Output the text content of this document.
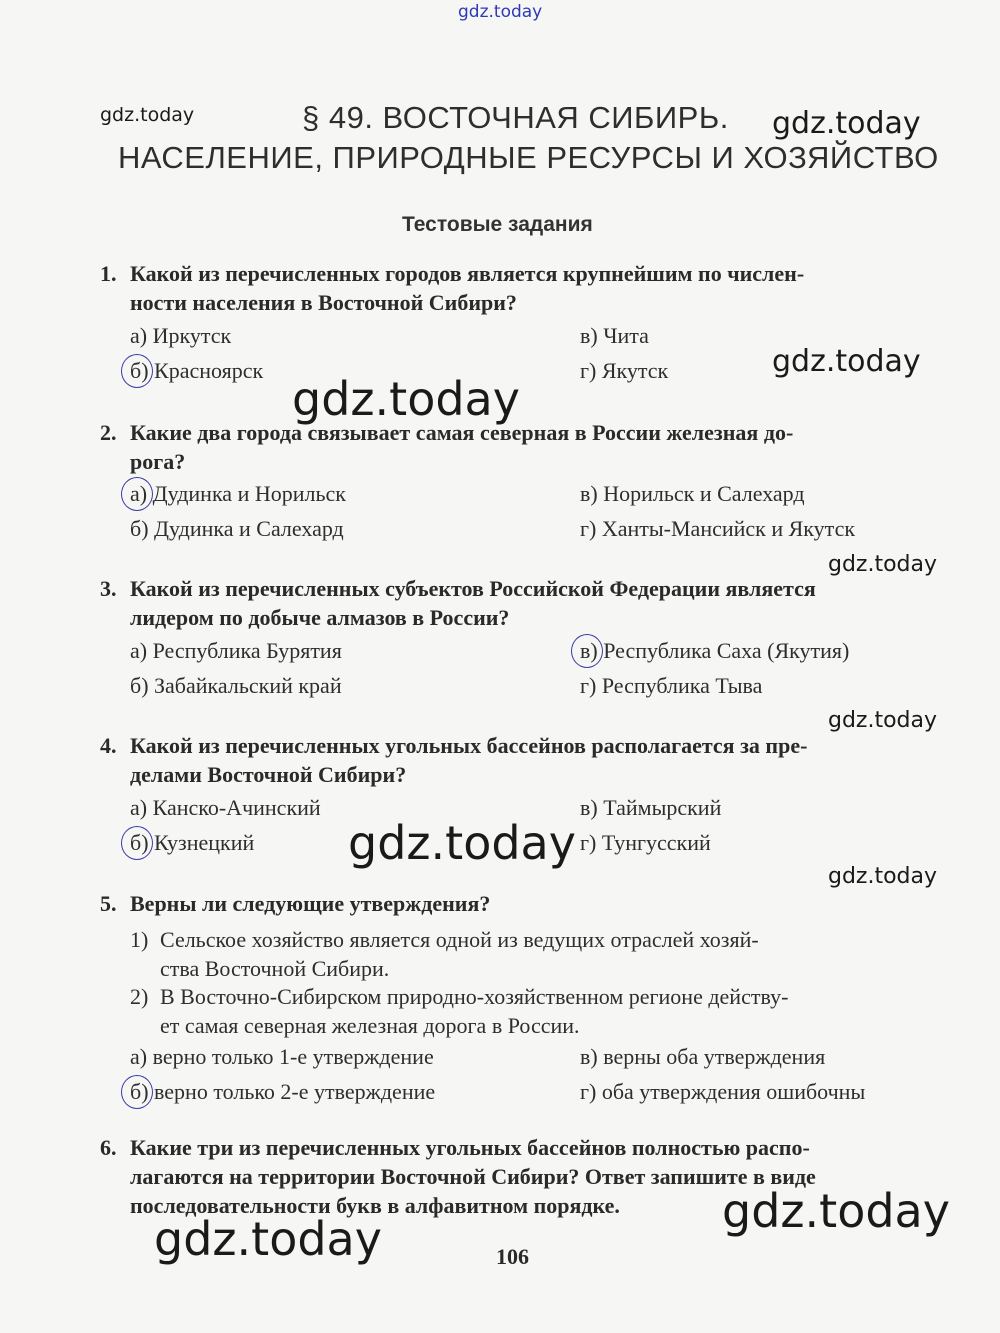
gdz.today
gdz.today	gdz.today
gdz.today
gdz.today
gdz.today
gdz.today
gdz.today
gdz.today
gdz.today
gdz.today
§ 49. ВОСТОЧНАЯ СИБИРЬ.
НАСЕЛЕНИЕ, ПРИРОДНЫЕ РЕСУРСЫ И ХОЗЯЙСТВО
Тестовые задания
1. Какой из перечисленных городов является крупнейшим по числен-
ности населения в Восточной Сибири?
а) Иркутск
б) Красноярск
в) Чита
г) Якутск
2. Какие два города связывает самая северная в России железная до-
рога?
а) Дудинка и Норильск
б) Дудинка и Салехард
в) Норильск и Салехард
г) Ханты-Мансийск и Якутск
3. Какой из перечисленных субъектов Российской Федерации является
лидером по добыче алмазов в России?
а) Республика Бурятия
б) Забайкальский край
в) Республика Саха (Якутия)
г) Республика Тыва
4. Какой из перечисленных угольных бассейнов располагается за пре-
делами Восточной Сибири?
а) Канско-Ачинский
б) Кузнецкий
в) Таймырский
г) Тунгусский
5. Верны ли следующие утверждения?
1) Сельское хозяйство является одной из ведущих отраслей хозяй-
ства Восточной Сибири.
2) В Восточно-Сибирском природно-хозяйственном регионе действу-
ет самая северная железная дорога в России.
а) верно только 1-е утверждение
б) верно только 2-е утверждение
в) верны оба утверждения
г) оба утверждения ошибочны
6. Какие три из перечисленных угольных бассейнов полностью распо-
лагаются на территории Восточной Сибири? Ответ запишите в виде
последовательности букв в алфавитном порядке.
106
